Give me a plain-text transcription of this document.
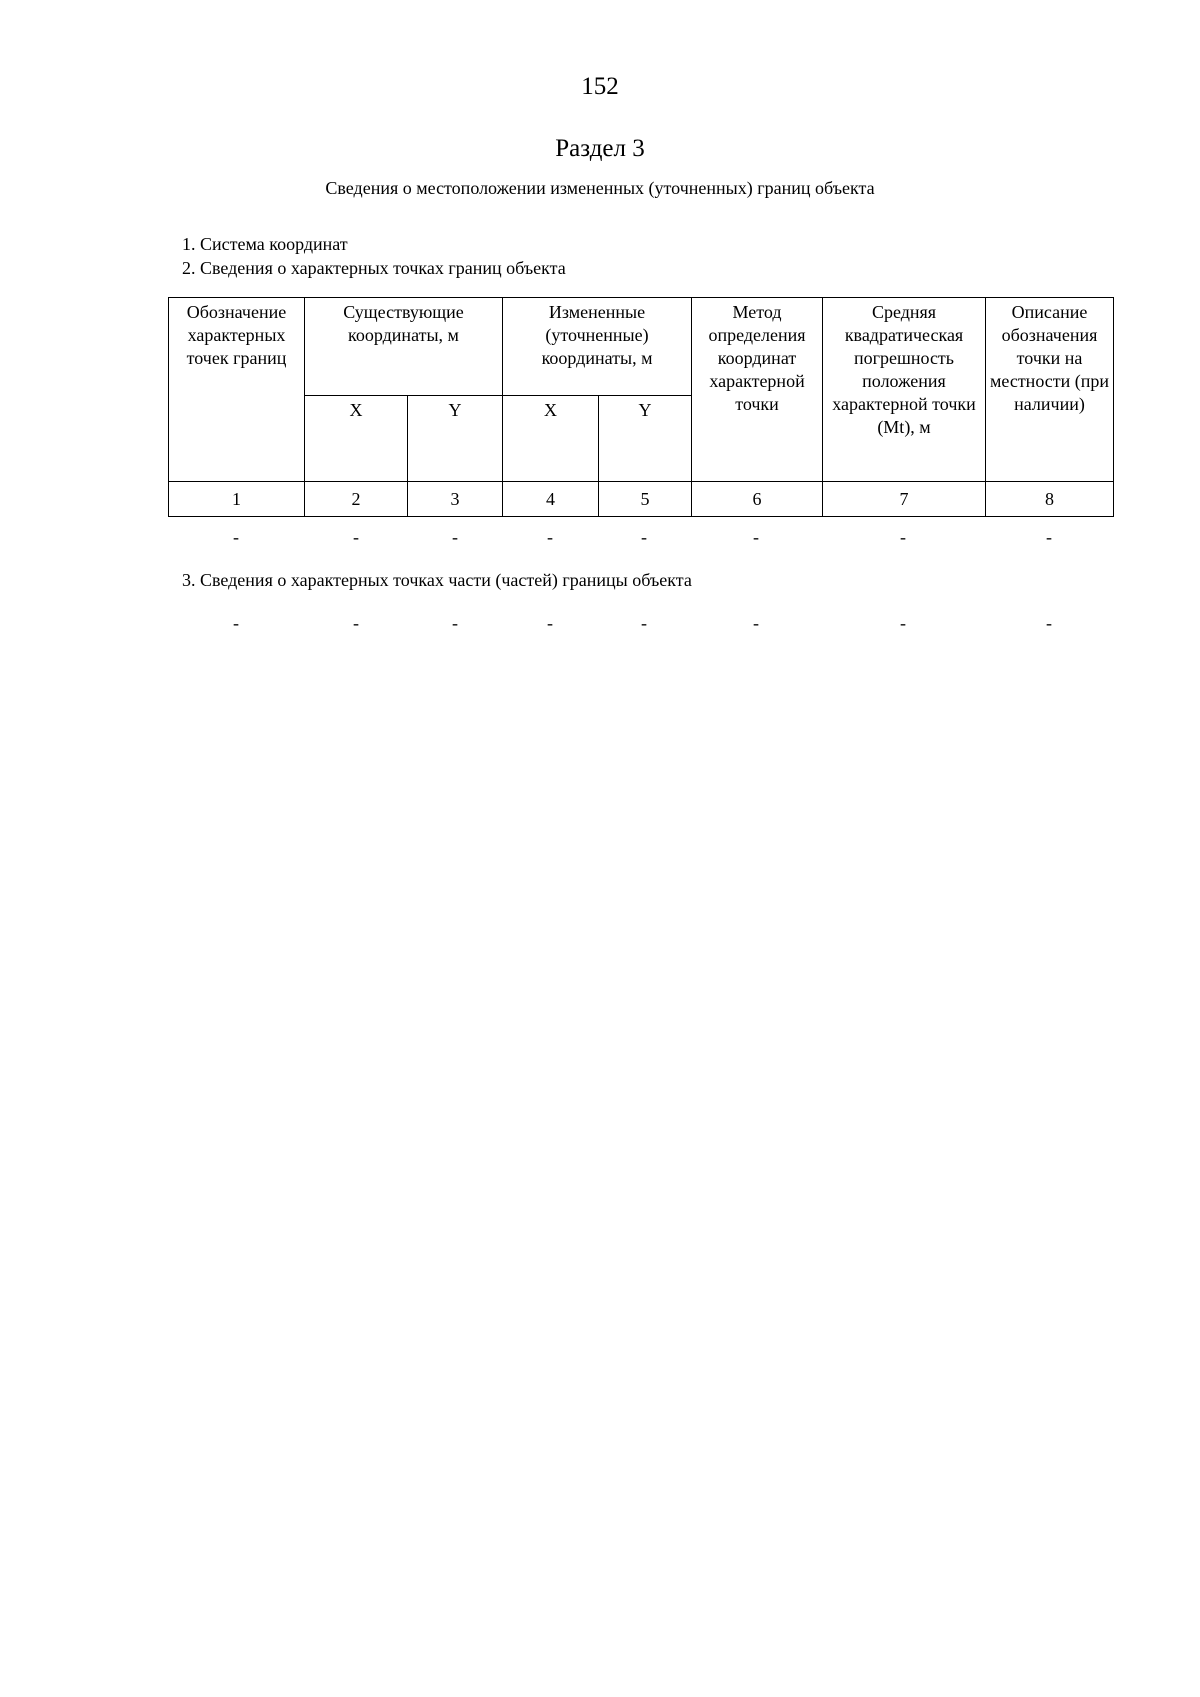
152
Раздел 3
Сведения о местоположении измененных (уточненных) границ объекта
1. Система координат
2. Сведения о характерных точках границ объекта
Обозначение характерных точек границ	Существующие координаты, м		Измененные (уточненные) координаты, м		Метод определения координат характерной точки	Средняя квадратическая погрешность положения характерной точки (Mt), м	Описание обозначения точки на местности (при наличии)
	X	Y	X	Y			
1	2	3	4	5	6	7	8
-	-	-	-	-	-	-	-
3. Сведения о характерных точках части (частей) границы объекта
-	-	-	-	-	-	-	-
